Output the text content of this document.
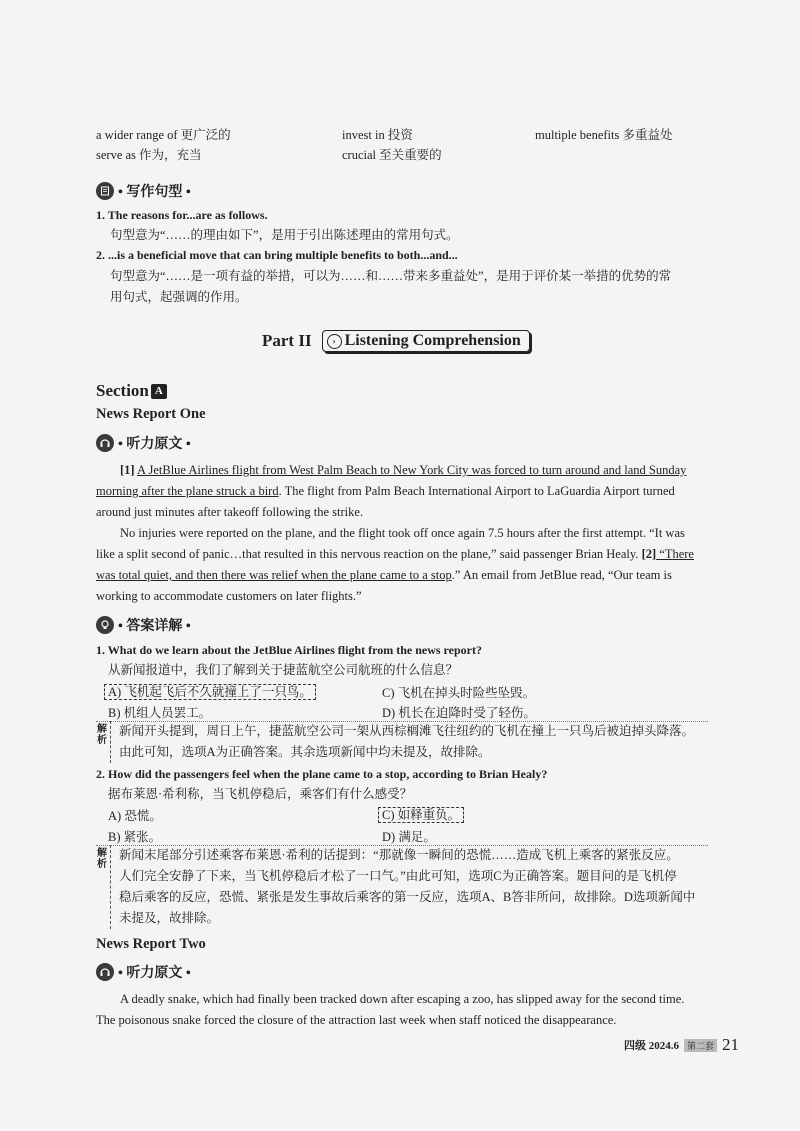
a wider range of 更广泛的	invest in 投资	multiple benefits 多重益处
serve as 作为，充当	crucial 至关重要的
• 写作句型 •
1. The reasons for...are as follows.
句型意为“……的理由如下”，是用于引出陈述理由的常用句式。
2. ...is a beneficial move that can bring multiple benefits to both...and...
句型意为“……是一项有益的举措，可以为……和……带来多重益处”，是用于评价某一举措的优势的常
用句式，起强调的作用。
Part II	› Listening Comprehension
Section A
News Report One
• 听力原文 •
[1] A JetBlue Airlines flight from West Palm Beach to New York City was forced to turn around and land Sunday
morning after the plane struck a bird. The flight from Palm Beach International Airport to LaGuardia Airport turned
around just minutes after takeoff following the strike.
No injuries were reported on the plane, and the flight took off once again 7.5 hours after the first attempt. “It was
like a split second of panic…that resulted in this nervous reaction on the plane,” said passenger Brian Healy. [2] “There
was total quiet, and then there was relief when the plane came to a stop.” An email from JetBlue read, “Our team is
working to accommodate customers on later flights.”
• 答案详解 •
1. What do we learn about the JetBlue Airlines flight from the news report?
从新闻报道中，我们了解到关于捷蓝航空公司航班的什么信息？
A) 飞机起飞后不久就撞上了一只鸟。	C) 飞机在掉头时险些坠毁。
B) 机组人员罢工。	D) 机长在迫降时受了轻伤。
解析
新闻开头提到，周日上午，捷蓝航空公司一架从西棕榈滩飞往纽约的飞机在撞上一只鸟后被迫掉头降落。
由此可知，选项A为正确答案。其余选项新闻中均未提及，故排除。
2. How did the passengers feel when the plane came to a stop, according to Brian Healy?
据布莱恩·希利称，当飞机停稳后，乘客们有什么感受？
A) 恐慌。	C) 如释重负。
B) 紧张。	D) 满足。
解析
新闻末尾部分引述乘客布莱恩·希利的话提到：“那就像一瞬间的恐慌……造成飞机上乘客的紧张反应。
人们完全安静了下来，当飞机停稳后才松了一口气。”由此可知，选项C为正确答案。题目问的是飞机停
稳后乘客的反应，恐慌、紧张是发生事故后乘客的第一反应，选项A、B答非所问，故排除。D选项新闻中
未提及，故排除。
News Report Two
• 听力原文 •
A deadly snake, which had finally been tracked down after escaping a zoo, has slipped away for the second time.
The poisonous snake forced the closure of the attraction last week when staff noticed the disappearance.
四级 2024.6 第二套 21
